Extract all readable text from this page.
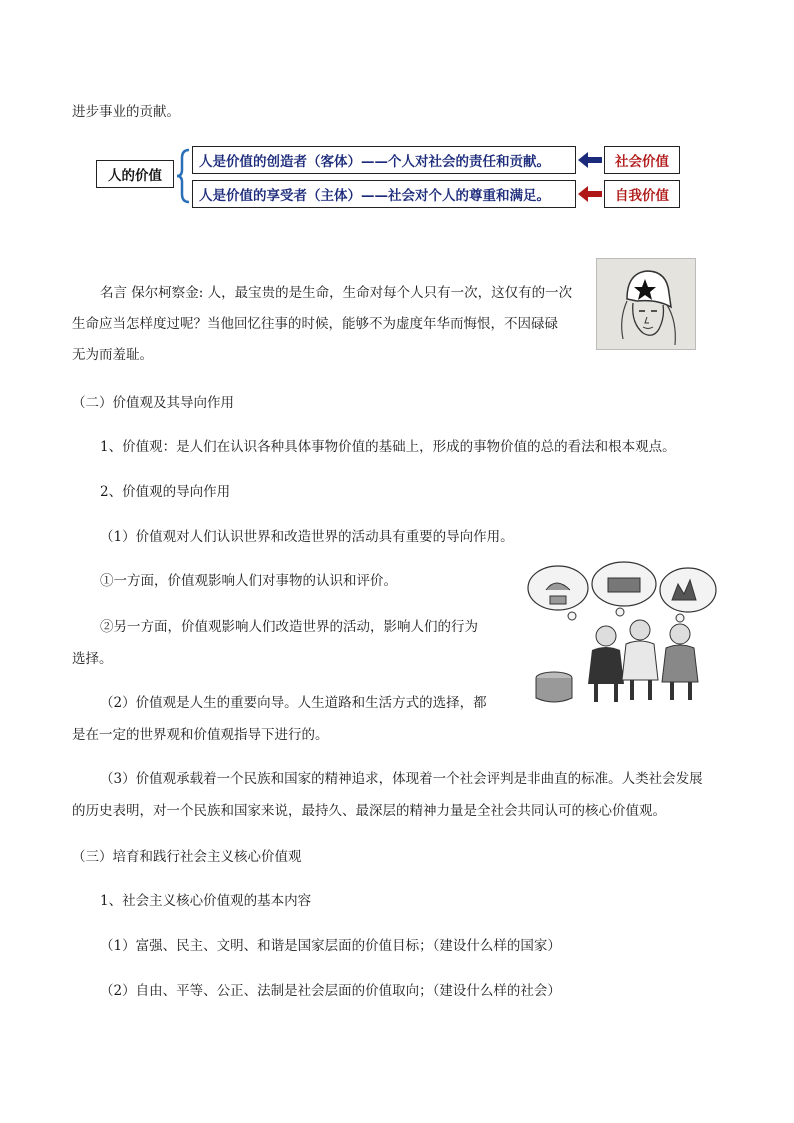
进步事业的贡献。
人的价值
人是价值的创造者（客体）——个人对社会的责任和贡献。
人是价值的享受者（主体）——社会对个人的尊重和满足。
社会价值
自我价值
名言 保尔柯察金: 人，最宝贵的是生命，生命对每个人只有一次，这仅有的一次
生命应当怎样度过呢？当他回忆往事的时候，能够不为虚度年华而悔恨，不因碌碌
无为而羞耻。
（二）价值观及其导向作用
1、价值观：是人们在认识各种具体事物价值的基础上，形成的事物价值的总的看法和根本观点。
2、价值观的导向作用
（1）价值观对人们认识世界和改造世界的活动具有重要的导向作用。
①一方面，价值观影响人们对事物的认识和评价。
②另一方面，价值观影响人们改造世界的活动，影响人们的行为
选择。
（2）价值观是人生的重要向导。人生道路和生活方式的选择，都
是在一定的世界观和价值观指导下进行的。
（3）价值观承载着一个民族和国家的精神追求，体现着一个社会评判是非曲直的标准。人类社会发展
的历史表明，对一个民族和国家来说，最持久、最深层的精神力量是全社会共同认可的核心价值观。
（三）培育和践行社会主义核心价值观
1、社会主义核心价值观的基本内容
（1）富强、民主、文明、和谐是国家层面的价值目标；（建设什么样的国家）
（2）自由、平等、公正、法制是社会层面的价值取向；（建设什么样的社会）
